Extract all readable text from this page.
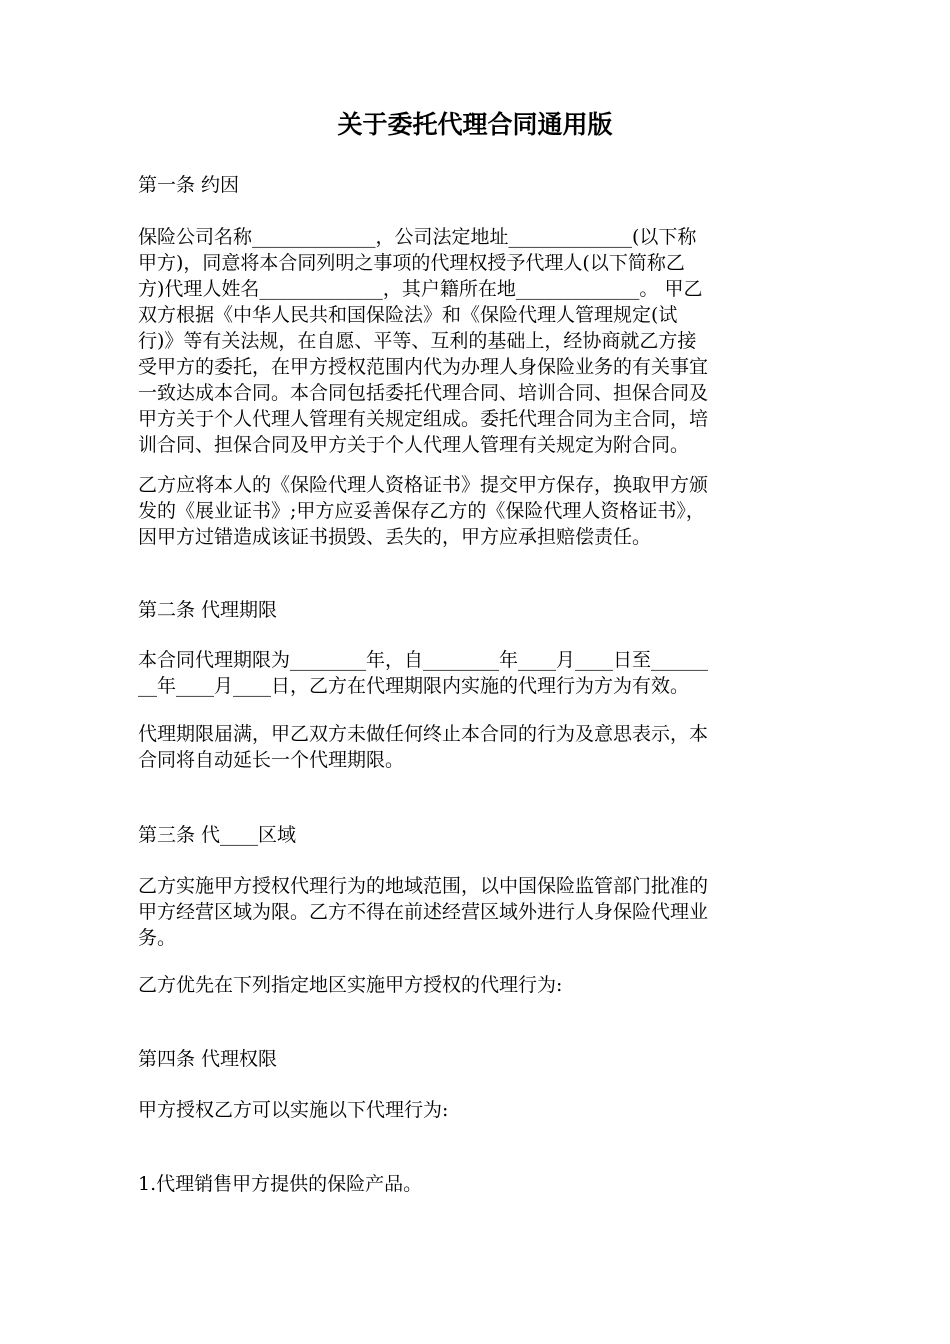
关于委托代理合同通用版
第一条 约因
保险公司名称_____________，公司法定地址_____________(以下称
甲方)，同意将本合同列明之事项的代理权授予代理人(以下简称乙
方)代理人姓名_____________，其户籍所在地_____________。 甲乙
双方根据《中华人民共和国保险法》和《保险代理人管理规定(试
行)》等有关法规，在自愿、平等、互利的基础上，经协商就乙方接
受甲方的委托，在甲方授权范围内代为办理人身保险业务的有关事宜
一致达成本合同。本合同包括委托代理合同、培训合同、担保合同及
甲方关于个人代理人管理有关规定组成。委托代理合同为主合同，培
训合同、担保合同及甲方关于个人代理人管理有关规定为附合同。
乙方应将本人的《保险代理人资格证书》提交甲方保存，换取甲方颁
发的《展业证书》;甲方应妥善保存乙方的《保险代理人资格证书》，
因甲方过错造成该证书损毁、丢失的，甲方应承担赔偿责任。
第二条 代理期限
本合同代理期限为________年，自________年____月____日至______
__年____月____日，乙方在代理期限内实施的代理行为方为有效。
代理期限届满，甲乙双方未做任何终止本合同的行为及意思表示，本
合同将自动延长一个代理期限。
第三条 代____区域
乙方实施甲方授权代理行为的地域范围，以中国保险监管部门批准的
甲方经营区域为限。乙方不得在前述经营区域外进行人身保险代理业
务。
乙方优先在下列指定地区实施甲方授权的代理行为:
第四条 代理权限
甲方授权乙方可以实施以下代理行为:
1.代理销售甲方提供的保险产品。
